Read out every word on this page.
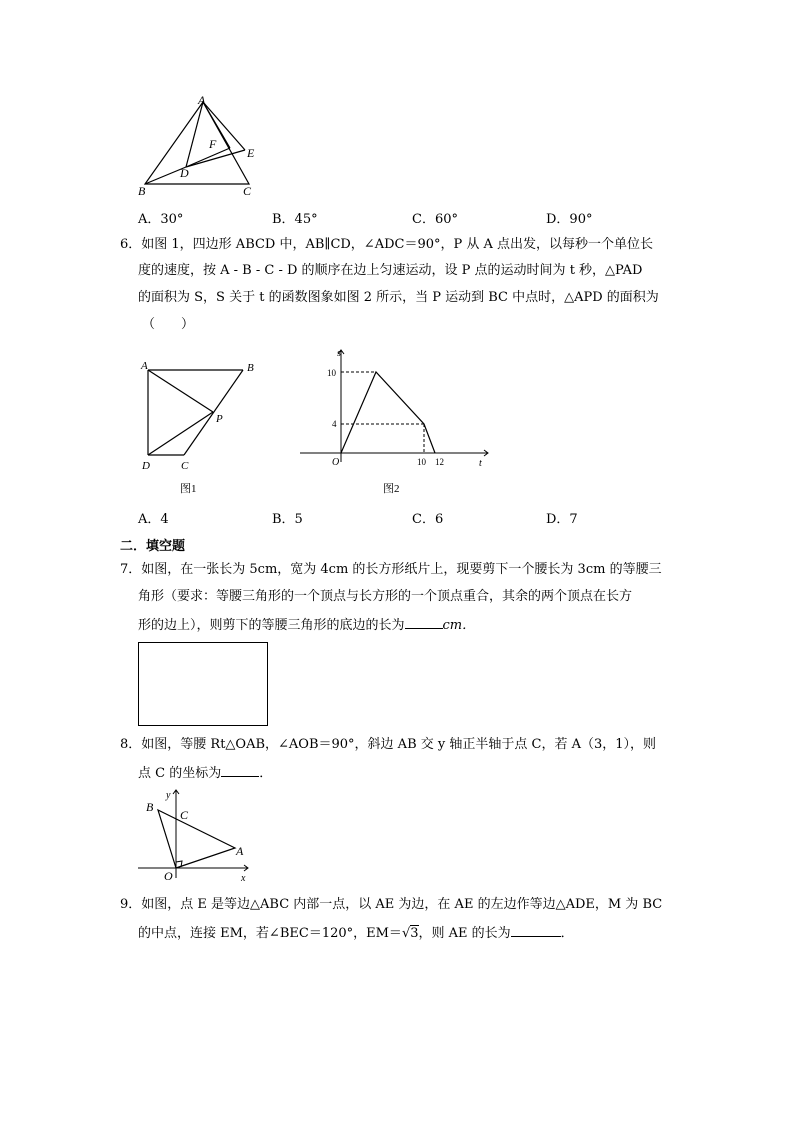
A
F
E
D
B	C
A．30°	B．45°	C．60°	D．90°
6．如图 1，四边形 ABCD 中，AB∥CD，∠ADC＝90°，P 从 A 点出发，以每秒一个单位长
度的速度，按 A - B - C - D 的顺序在边上匀速运动，设 P 点的运动时间为 t 秒，△PAD
的面积为 S，S 关于 t 的函数图象如图 2 所示，当 P 运动到 BC 中点时，△APD 的面积为
（　　）
A	B
P
D	C
图1
s
10
4
O	10 12	t
图2
A．4	B．5	C．6	D．7
二．填空题
7．如图，在一张长为 5cm，宽为 4cm 的长方形纸片上，现要剪下一个腰长为 3cm 的等腰三
角形（要求：等腰三角形的一个顶点与长方形的一个顶点重合，其余的两个顶点在长方
形的边上），则剪下的等腰三角形的底边的长为	cm．
8．如图，等腰 Rt△OAB，∠AOB＝90°，斜边 AB 交 y 轴正半轴于点 C，若 A（3，1），则
点 C 的坐标为	．
y
B
C
A
O	x
9．如图，点 E 是等边△ABC 内部一点，以 AE 为边，在 AE 的左边作等边△ADE，M 为 BC
的中点，连接 EM，若∠BEC＝120°，EM＝√3，则 AE 的长为	．
